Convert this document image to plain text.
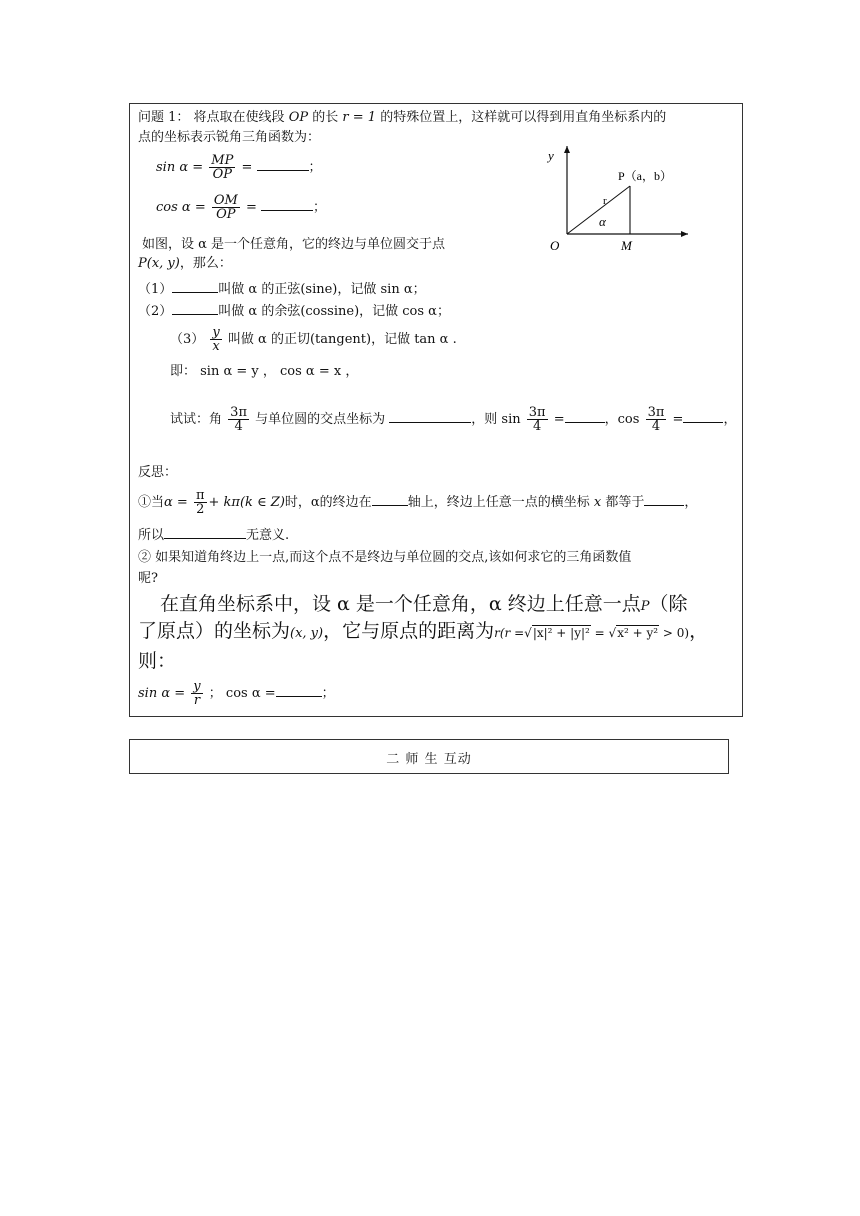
问题 1： 将点取在使线段 OP 的长 r = 1 的特殊位置上，这样就可以得到用直角坐标系内的
点的坐标表示锐角三角函数为：
$\sin \alpha = \frac{MP}{OP}$ =	；
$\cos \alpha = \frac{OM}{OP}$ =	；
y
P（a，b）
r
α
O	M
如图，设 α 是一个任意角，它的终边与单位圆交于点
P(x, y)，那么：
（1）	叫做 α 的正弦(sine)，记做 sin α；
（2）	叫做 α 的余弦(cossine)，记做 cos α；
$(3) \frac{y}{x}$ 叫做 α 的正切(tangent)，记做 tan α .
即： sin α = y ， cos α = x ，
试试：角 $\frac{3\pi}{4}$ 与单位圆的交点坐标为	，则 $\sin \frac{3\pi}{4}$ =	，$\cos \frac{3\pi}{4}$ =	，
反思：
①当$\alpha = \frac{\pi}{2} + k\pi(k$ ∈ Z)时，α的终边在	轴上，终边上任意一点的横坐标 x 都等于	，
所以	无意义.
② 如果知道角终边上一点,而这个点不是终边与单位圆的交点,该如何求它的三角函数值
呢?
在直角坐标系中，设 α 是一个任意角，α 终边上任意一点P（除
了原点）的坐标为(x, y)，它与原点的距离为r(r =√|x|² + |y|² = √x² + y² > 0)，
则：
$\sin \alpha = \frac{y}{r}$ ； cos α =	；
二 师 生 互动
